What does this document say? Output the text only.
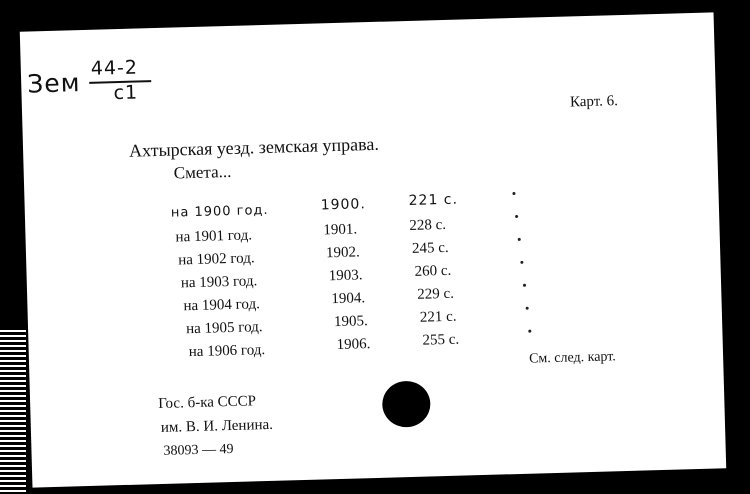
Зем 44-2
с1	Карт. 6.
Ахтырская уезд. земская управа.
Смета...
на 1900 год.	1900.	221 с.
на 1901 год.	1901.	228 с.
на 1902 год.	1902.	245 с.
на 1903 год.	1903.	260 с.
на 1904 год.	1904.	229 с.
на 1905 год.	1905.	221 с.
на 1906 год.	1906.	255 с.
См. след. карт.
Гос. б-ка СССР
им. В. И. Ленина.
38093 — 49
